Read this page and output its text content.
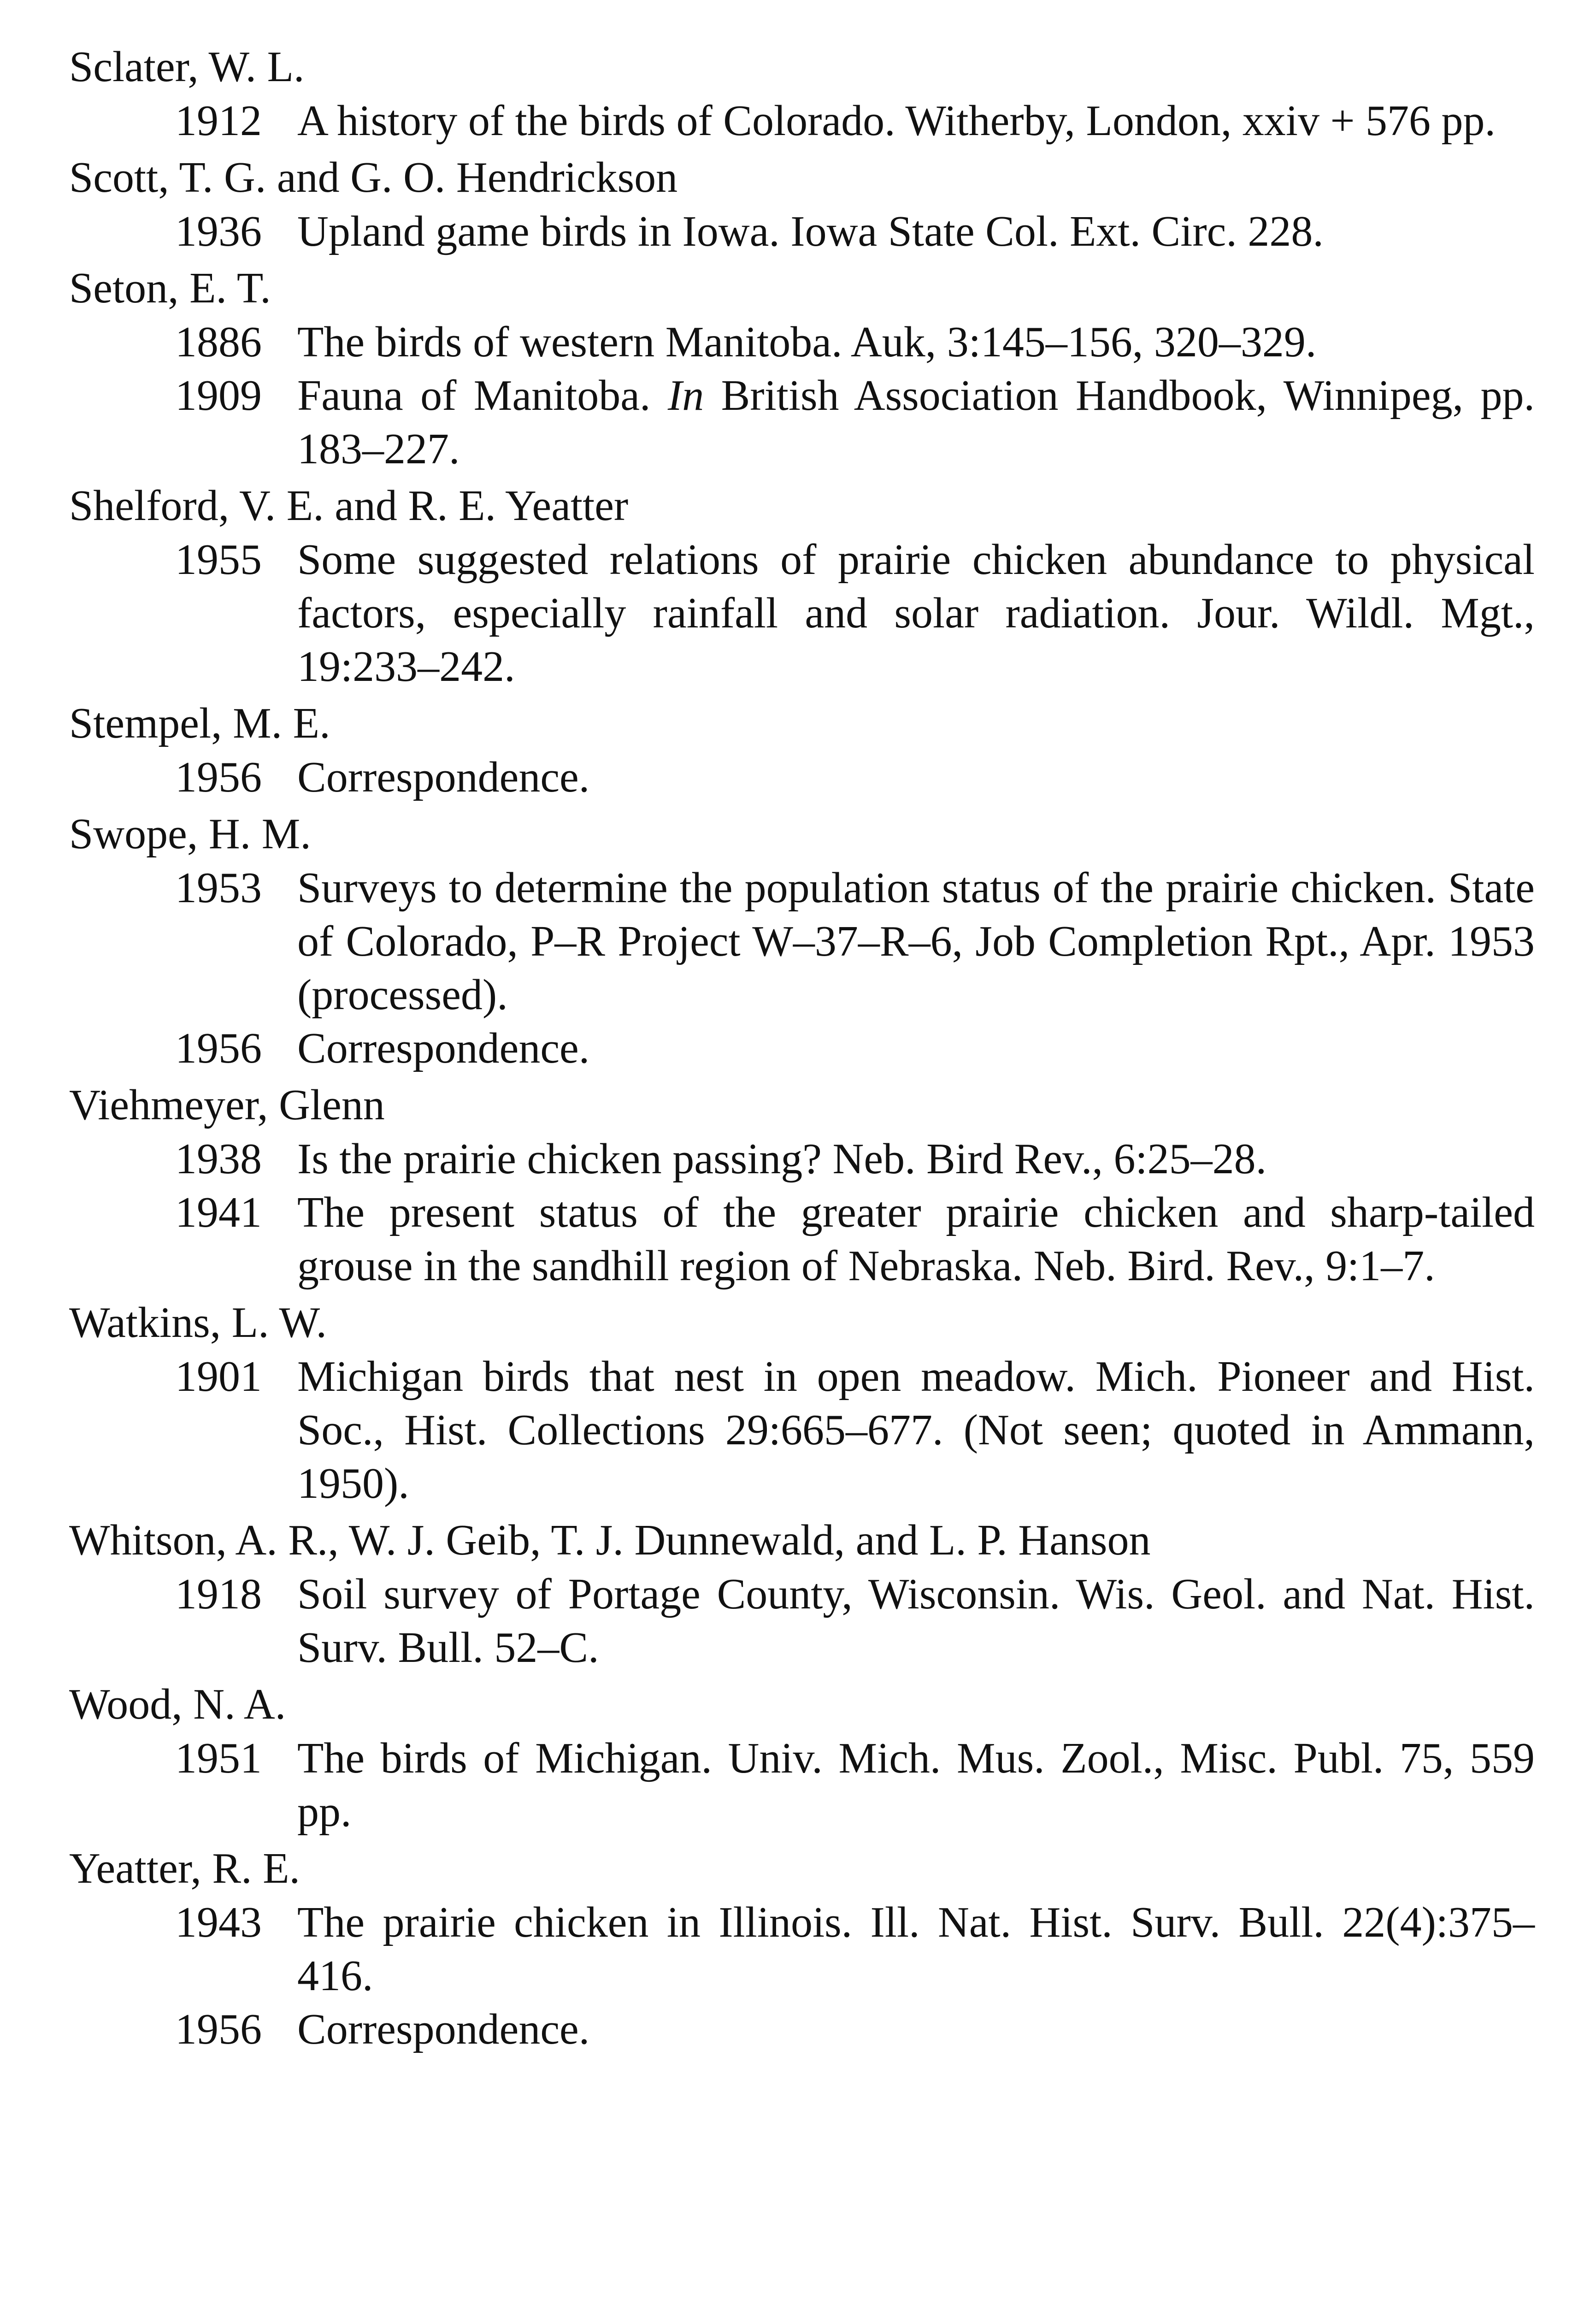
Sclater, W. L.

1912 A history of the birds of Colorado. Witherby, London, xxiv + 576 pp.

Scott, T. G. and G. O. Hendrickson

1936 Upland game birds in Iowa. Iowa State Col. Ext. Circ. 228.

Seton, E. T.

1886 The birds of western Manitoba. Auk, 3:145–156, 320–329.
1909 Fauna of Manitoba. In British Association Handbook, Winnipeg, pp. 183–227.

Shelford, V. E. and R. E. Yeatter

1955 Some suggested relations of prairie chicken abundance to physical factors, especially rainfall and solar radiation. Jour. Wildl. Mgt., 19:233–242.

Stempel, M. E.

1956 Correspondence.

Swope, H. M.

1953 Surveys to determine the population status of the prairie chicken. State of Colorado, P–R Project W–37–R–6, Job Completion Rpt., Apr. 1953 (processed).
1956 Correspondence.

Viehmeyer, Glenn

1938 Is the prairie chicken passing? Neb. Bird Rev., 6:25–28.
1941 The present status of the greater prairie chicken and sharp-tailed grouse in the sandhill region of Nebraska. Neb. Bird. Rev., 9:1–7.

Watkins, L. W.

1901 Michigan birds that nest in open meadow. Mich. Pioneer and Hist. Soc., Hist. Collections 29:665–677. (Not seen; quoted in Ammann, 1950).

Whitson, A. R., W. J. Geib, T. J. Dunnewald, and L. P. Hanson

1918 Soil survey of Portage County, Wisconsin. Wis. Geol. and Nat. Hist. Surv. Bull. 52–C.

Wood, N. A.

1951 The birds of Michigan. Univ. Mich. Mus. Zool., Misc. Publ. 75, 559 pp.

Yeatter, R. E.

1943 The prairie chicken in Illinois. Ill. Nat. Hist. Surv. Bull. 22(4):375–416.
1956 Correspondence.
